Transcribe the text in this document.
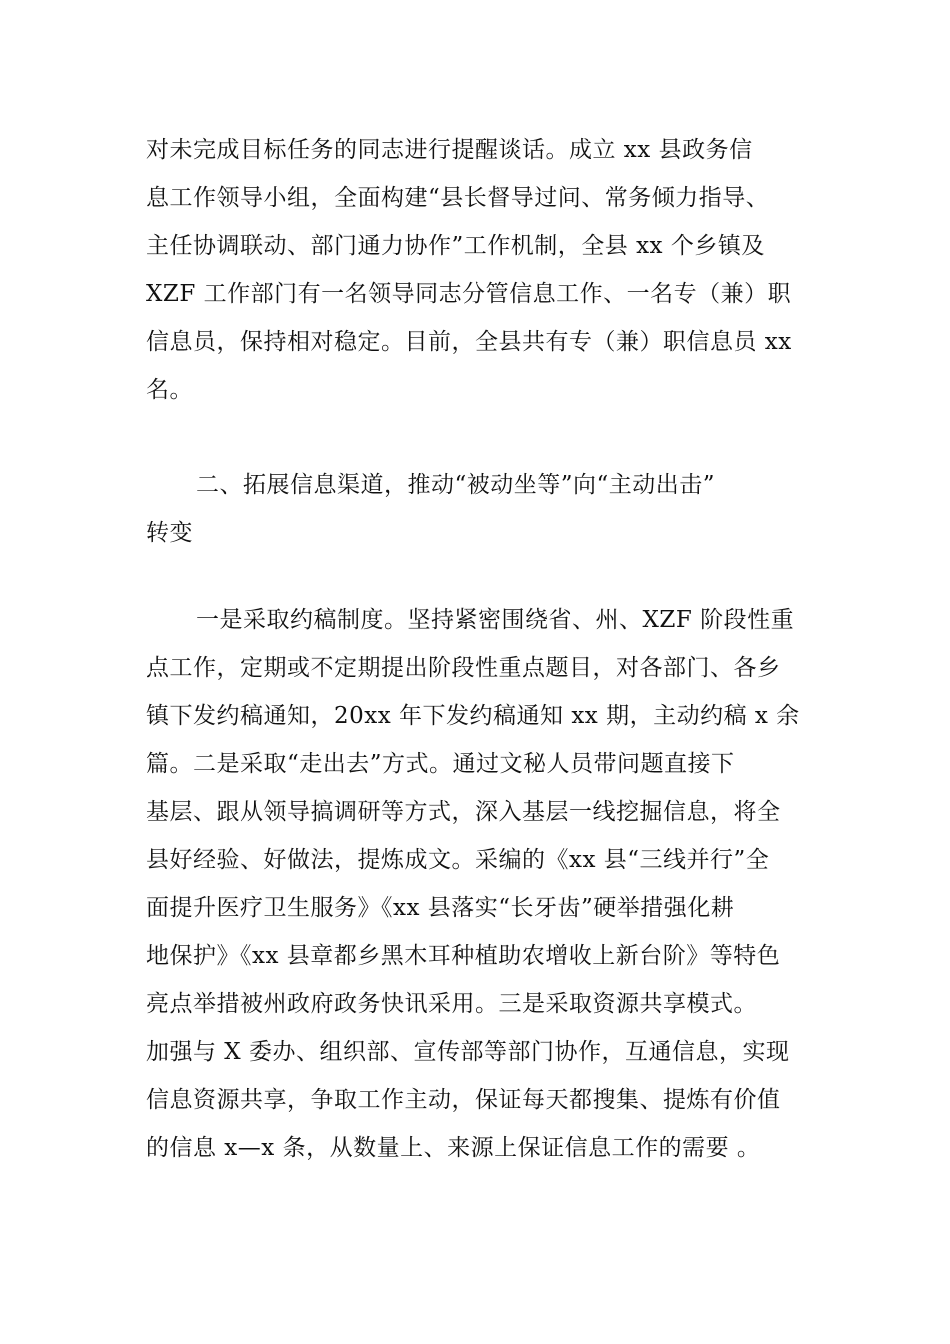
对未完成目标任务的同志进行提醒谈话。成立 xx 县政务信
息工作领导小组，全面构建“县长督导过问、常务倾力指导、
主任协调联动、部门通力协作”工作机制，全县 xx 个乡镇及
XZF 工作部门有一名领导同志分管信息工作、一名专（兼）职
信息员，保持相对稳定。目前，全县共有专（兼）职信息员 xx
名。
二、拓展信息渠道，推动“被动坐等”向“主动出击”
转变
一是采取约稿制度。坚持紧密围绕省、州、XZF 阶段性重
点工作，定期或不定期提出阶段性重点题目，对各部门、各乡
镇下发约稿通知，20xx 年下发约稿通知 xx 期，主动约稿 x 余
篇。二是采取“走出去”方式。通过文秘人员带问题直接下
基层、跟从领导搞调研等方式，深入基层一线挖掘信息，将全
县好经验、好做法，提炼成文。采编的《xx 县“三线并行”全
面提升医疗卫生服务》《xx 县落实“长牙齿”硬举措强化耕
地保护》《xx 县章都乡黑木耳种植助农增收上新台阶》等特色
亮点举措被州政府政务快讯采用。三是采取资源共享模式。
加强与 X 委办、组织部、宣传部等部门协作，互通信息，实现
信息资源共享，争取工作主动，保证每天都搜集、提炼有价值
的信息 x—x 条，从数量上、来源上保证信息工作的需要 。
